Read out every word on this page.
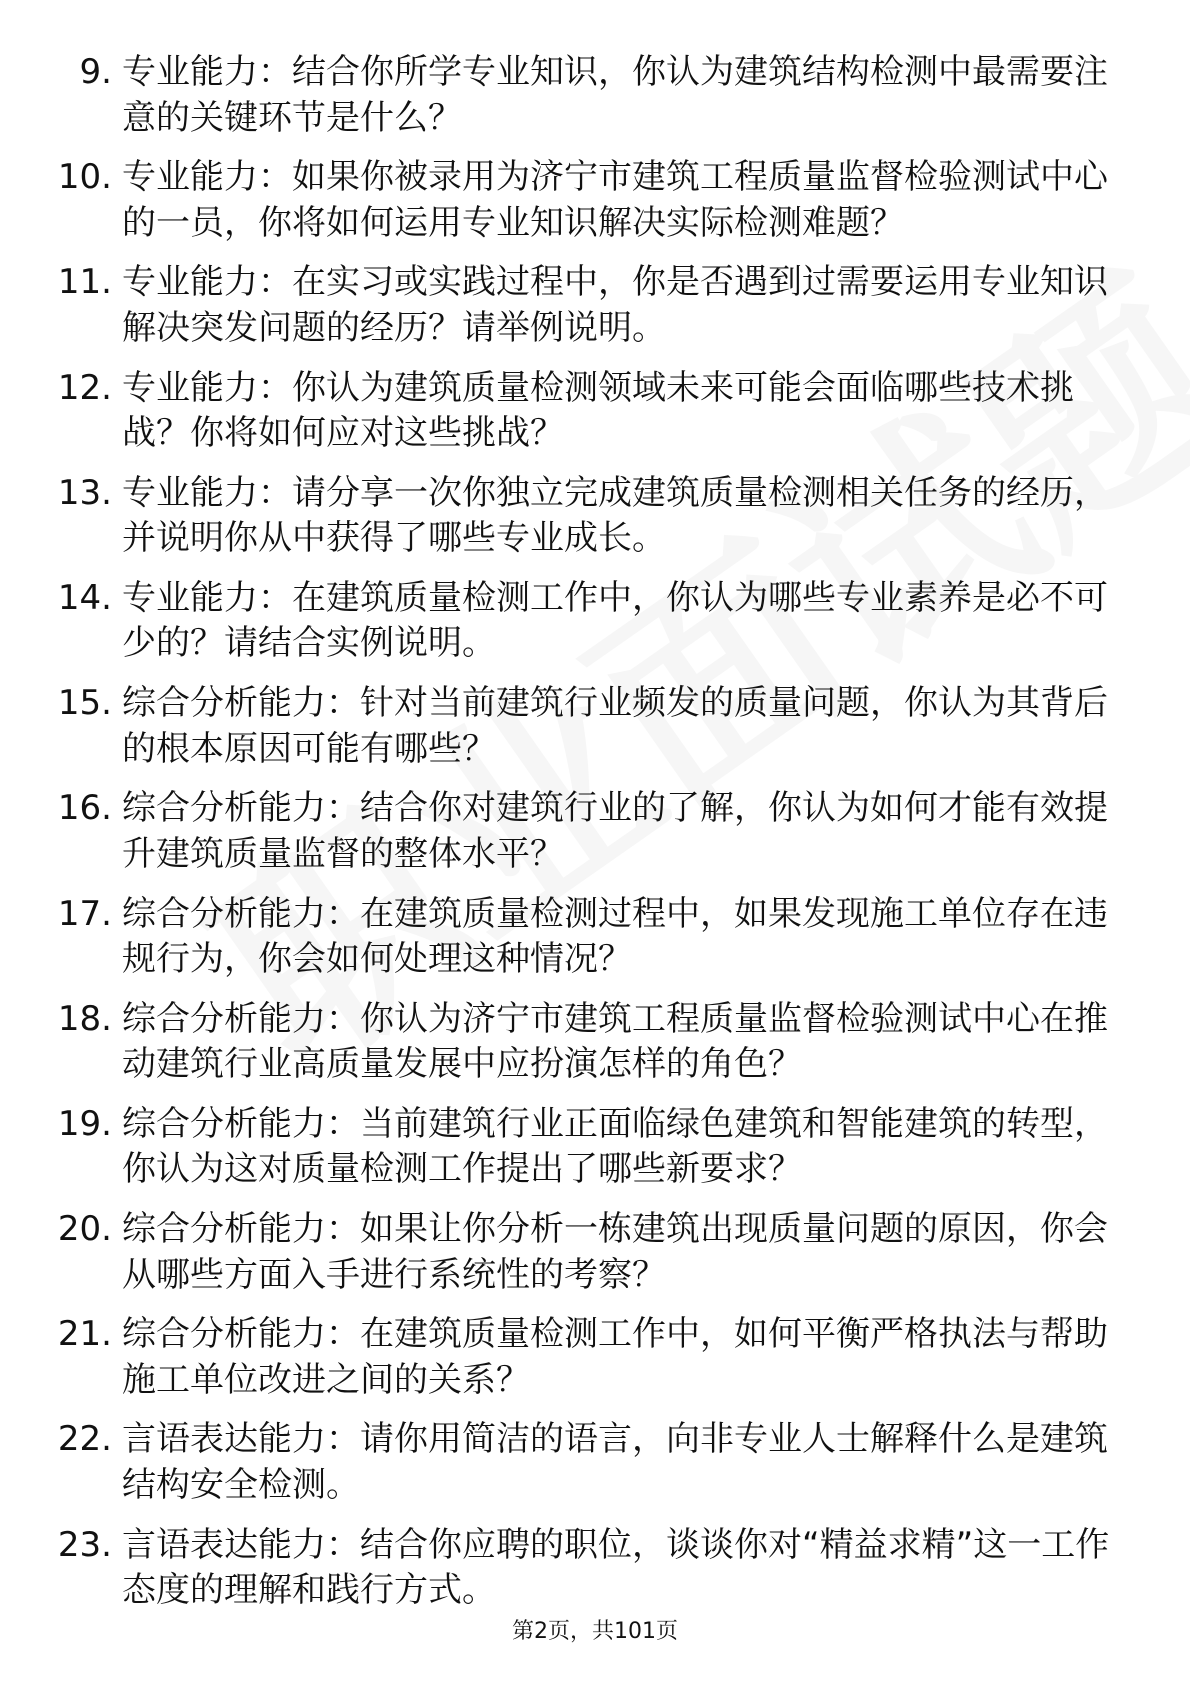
9. 专业能力：结合你所学专业知识，你认为建筑结构检测中最需要注意的关键环节是什么？
10. 专业能力：如果你被录用为济宁市建筑工程质量监督检验测试中心的一员，你将如何运用专业知识解决实际检测难题？
11. 专业能力：在实习或实践过程中，你是否遇到过需要运用专业知识解决突发问题的经历？请举例说明。
12. 专业能力：你认为建筑质量检测领域未来可能会面临哪些技术挑战？你将如何应对这些挑战？
13. 专业能力：请分享一次你独立完成建筑质量检测相关任务的经历，并说明你从中获得了哪些专业成长。
14. 专业能力：在建筑质量检测工作中，你认为哪些专业素养是必不可少的？请结合实例说明。
15. 综合分析能力：针对当前建筑行业频发的质量问题，你认为其背后的根本原因可能有哪些？
16. 综合分析能力：结合你对建筑行业的了解，你认为如何才能有效提升建筑质量监督的整体水平？
17. 综合分析能力：在建筑质量检测过程中，如果发现施工单位存在违规行为，你会如何处理这种情况？
18. 综合分析能力：你认为济宁市建筑工程质量监督检验测试中心在推动建筑行业高质量发展中应扮演怎样的角色？
19. 综合分析能力：当前建筑行业正面临绿色建筑和智能建筑的转型，你认为这对质量检测工作提出了哪些新要求？
20. 综合分析能力：如果让你分析一栋建筑出现质量问题的原因，你会从哪些方面入手进行系统性的考察？
21. 综合分析能力：在建筑质量检测工作中，如何平衡严格执法与帮助施工单位改进之间的关系？
22. 言语表达能力：请你用简洁的语言，向非专业人士解释什么是建筑结构安全检测。
23. 言语表达能力：结合你应聘的职位，谈谈你对“精益求精”这一工作态度的理解和践行方式。
第2页，共101页
